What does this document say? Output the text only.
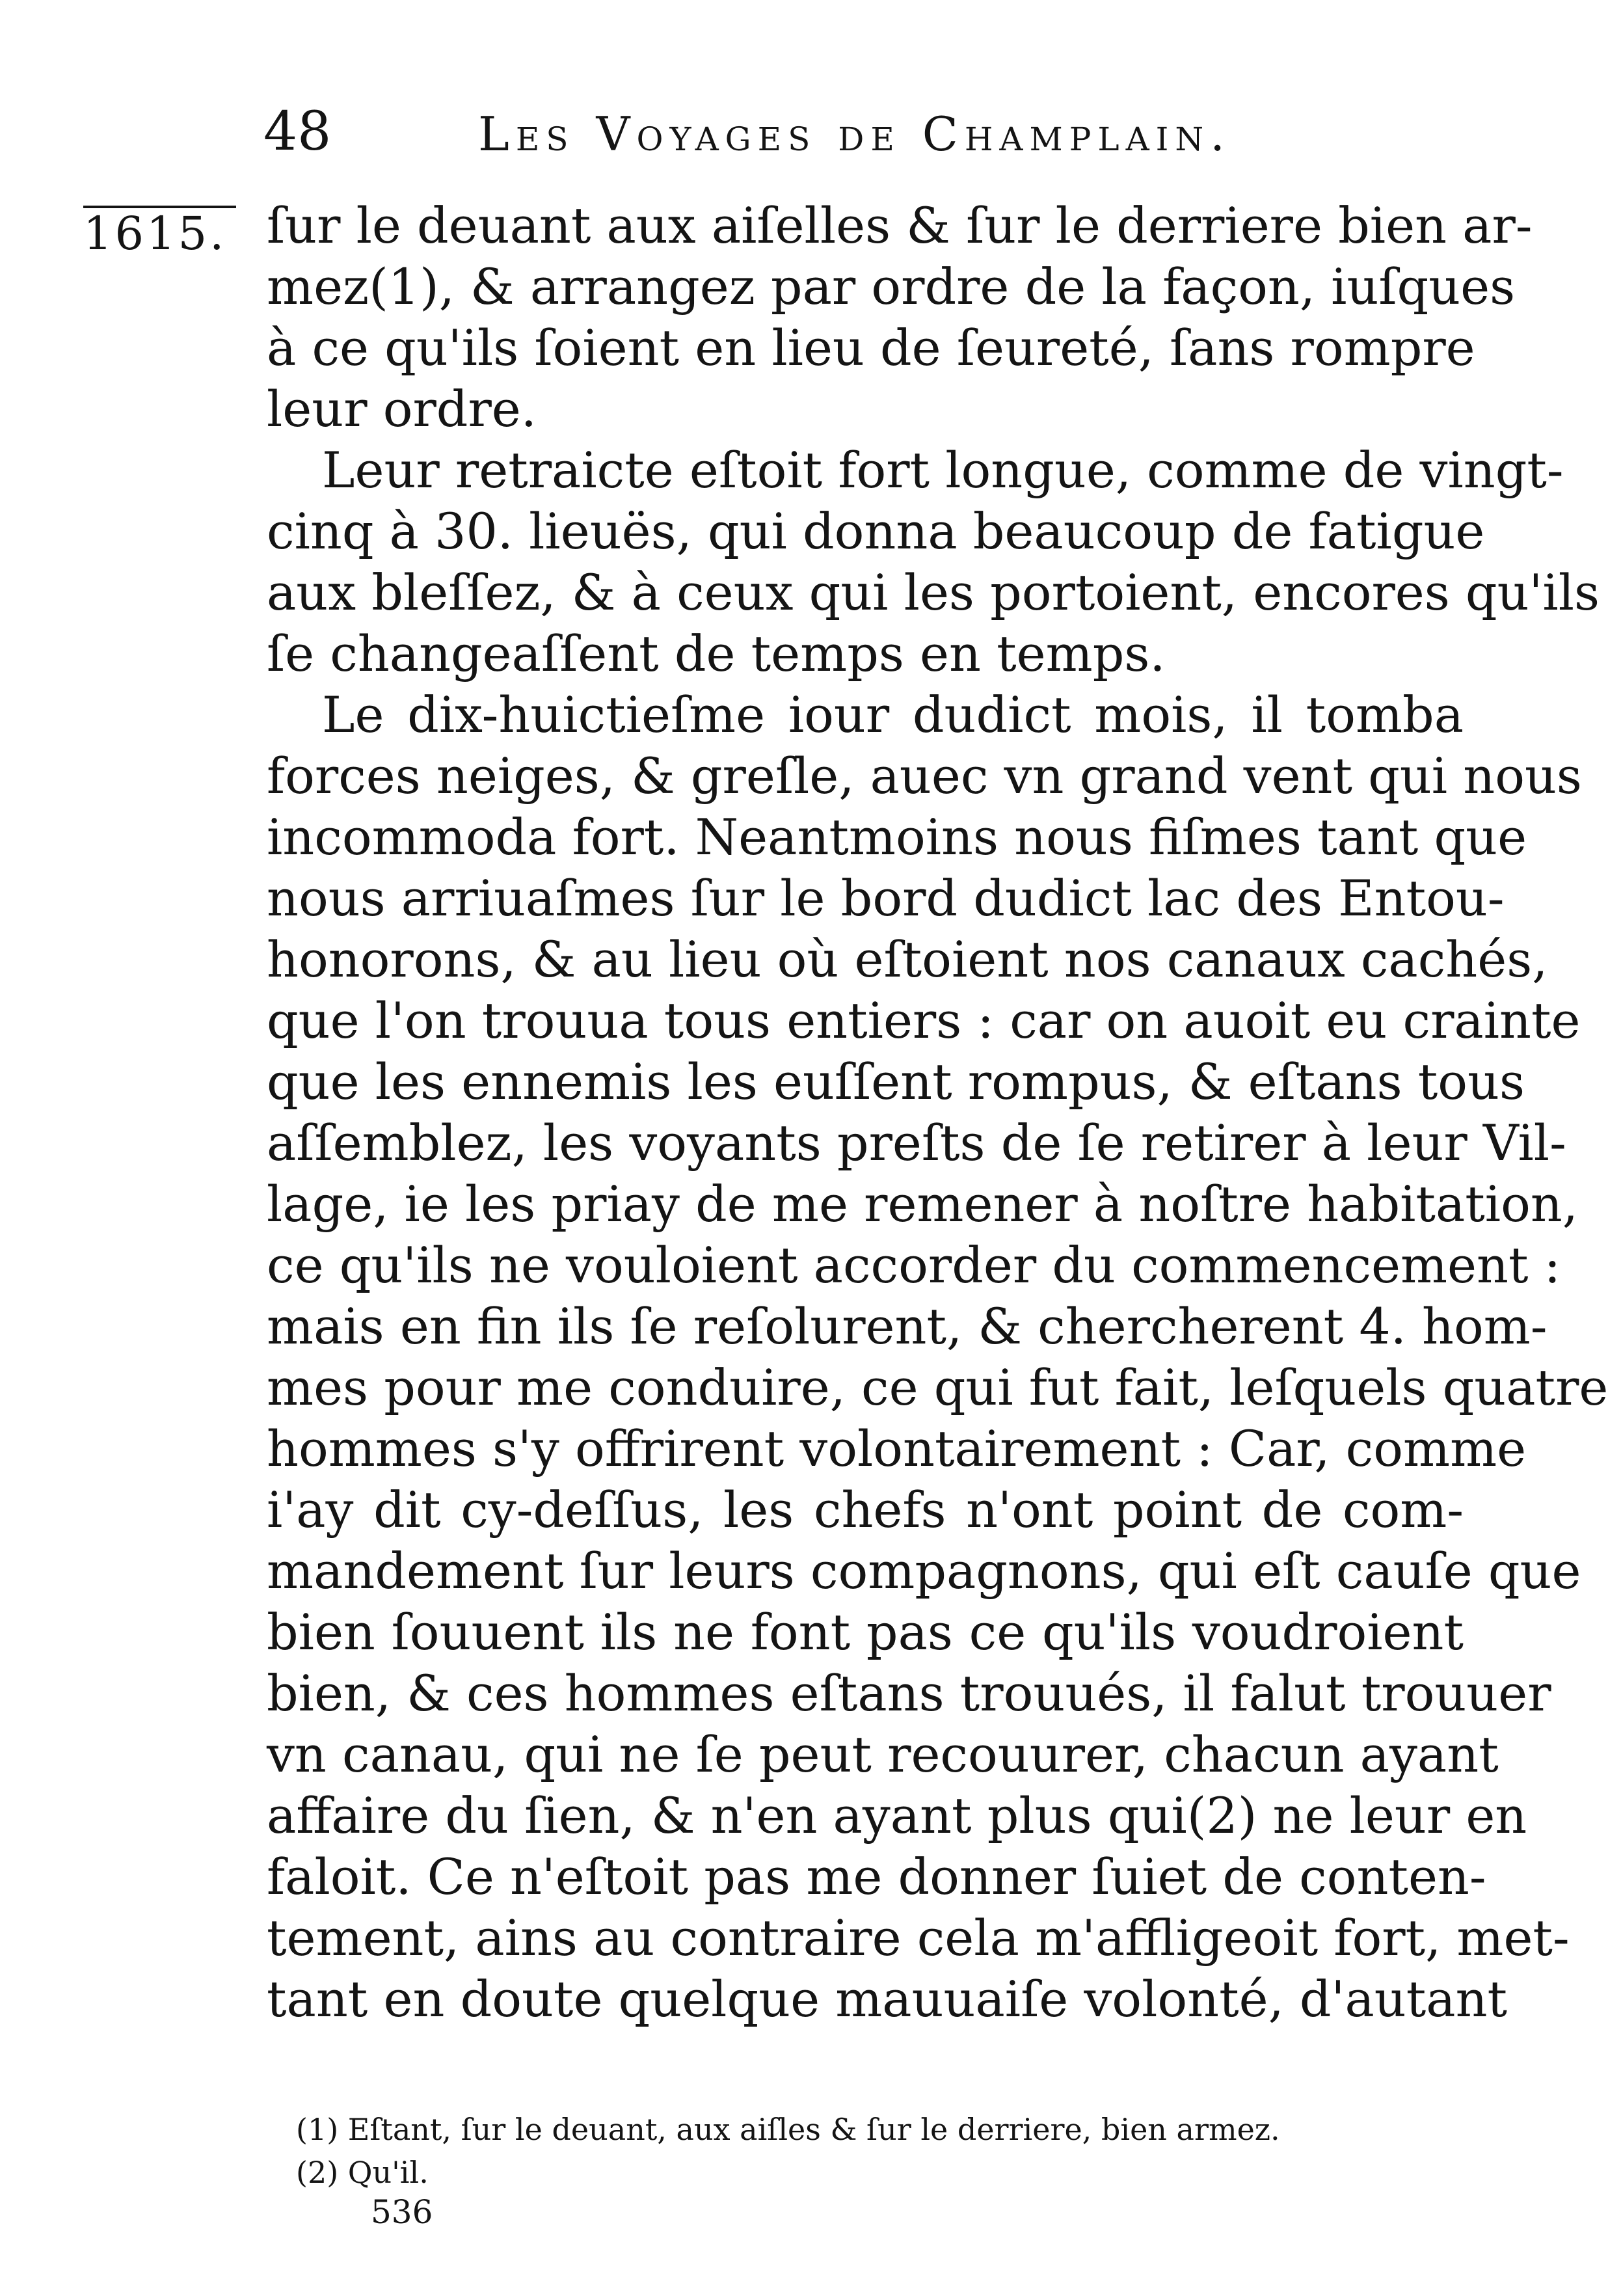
48	Les Voyages de Champlain.
1615. ſur le deuant aux aiſelles & ſur le derriere bien ar-
mez(1), & arrangez par ordre de la façon, iuſques
à ce qu'ils ſoient en lieu de ſeureté, ſans rompre
leur ordre.
Leur retraicte eſtoit fort longue, comme de vingt-
cinq à 30. lieuës, qui donna beaucoup de fatigue
aux bleſſez, & à ceux qui les portoient, encores qu'ils
ſe changeaſſent de temps en temps.
Le dix-huictieſme iour dudict mois, il tomba
forces neiges, & greſle, auec vn grand vent qui nous
incommoda fort. Neantmoins nous fiſmes tant que
nous arriuaſmes ſur le bord dudict lac des Entou-
honorons, & au lieu où eſtoient nos canaux cachés,
que l'on trouua tous entiers : car on auoit eu crainte
que les ennemis les euſſent rompus, & eſtans tous
aſſemblez, les voyants preſts de ſe retirer à leur Vil-
lage, ie les priay de me remener à noſtre habitation,
ce qu'ils ne vouloient accorder du commencement :
mais en fin ils ſe reſolurent, & chercherent 4. hom-
mes pour me conduire, ce qui fut fait, leſquels quatre
hommes s'y offrirent volontairement : Car, comme
i'ay dit cy-deſſus, les chefs n'ont point de com-
mandement ſur leurs compagnons, qui eſt cauſe que
bien ſouuent ils ne font pas ce qu'ils voudroient
bien, & ces hommes eſtans trouués, il falut trouuer
vn canau, qui ne ſe peut recouurer, chacun ayant
affaire du ſien, & n'en ayant plus qui(2) ne leur en
faloit. Ce n'eſtoit pas me donner ſuiet de conten-
tement, ains au contraire cela m'affligeoit fort, met-
tant en doute quelque mauuaiſe volonté, d'autant
(1) Eſtant, ſur le deuant, aux aiſles & ſur le derriere, bien armez.
(2) Qu'il.
536
